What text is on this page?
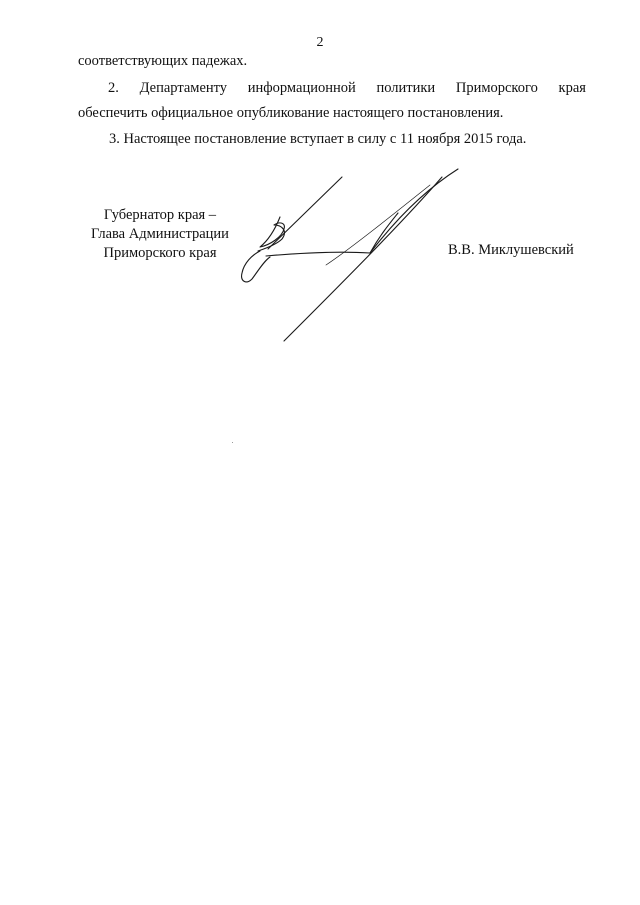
2
соответствующих падежах.
2. Департаменту информационной политики Приморского края
обеспечить официальное опубликование настоящего постановления.
3. Настоящее постановление вступает в силу с 11 ноября 2015 года.
Губернатор края –
Глава Администрации
Приморского края	В.В. Миклушевский
